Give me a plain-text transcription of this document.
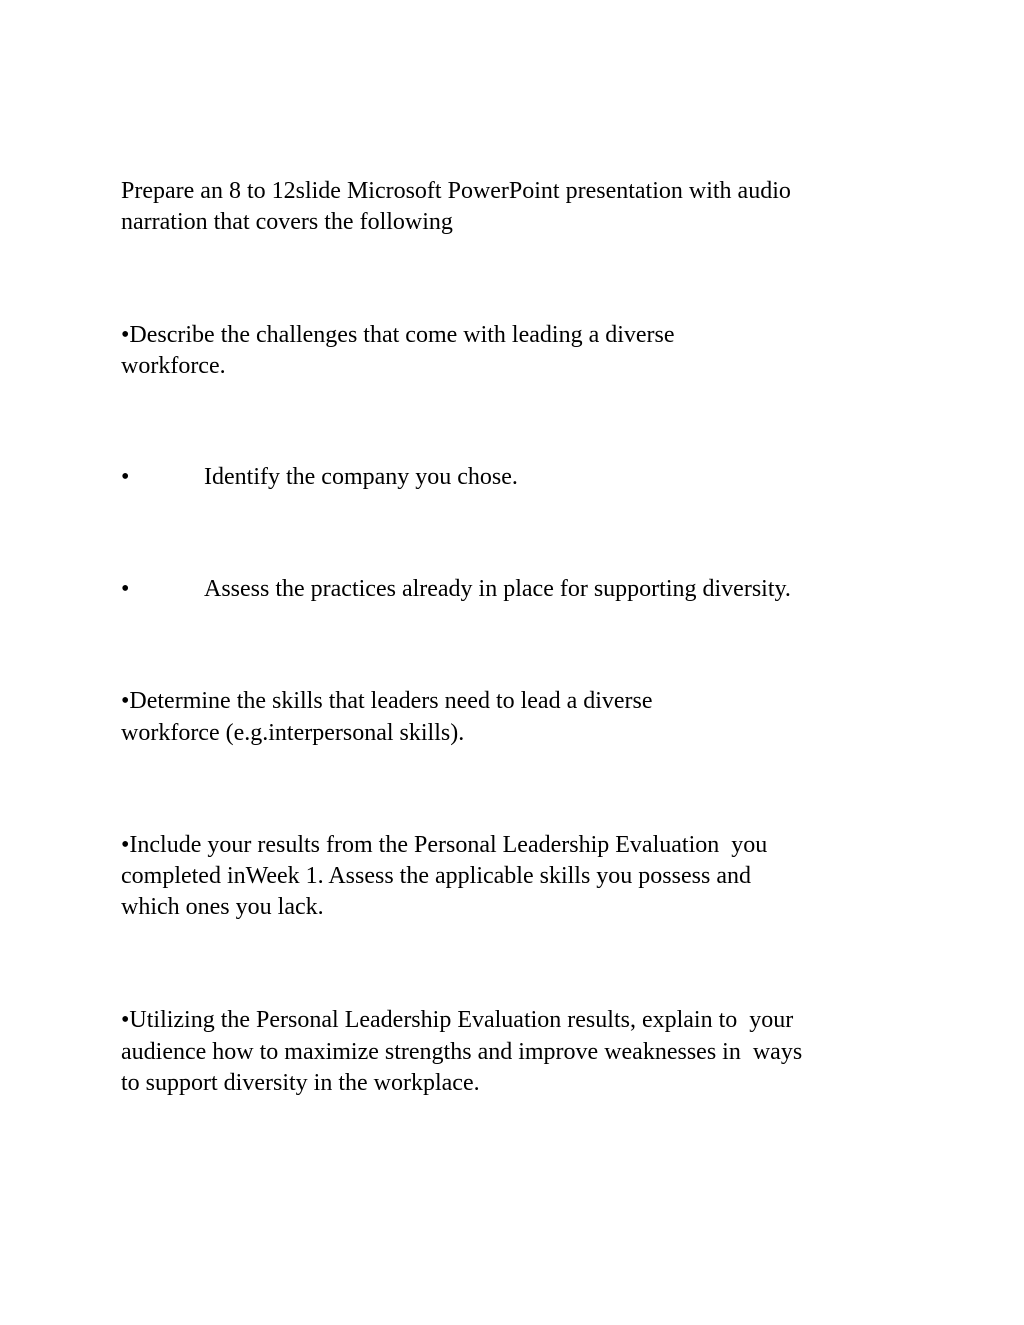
Prepare an 8 to 12slide Microsoft PowerPoint presentation with audio
narration that covers the following
•Describe the challenges that come with leading a diverse
workforce.
•	Identify the company you chose.
•	Assess the practices already in place for supporting diversity.
•Determine the skills that leaders need to lead a diverse
workforce (e.g.interpersonal skills).
•Include your results from the Personal Leadership Evaluation  you
completed inWeek 1. Assess the applicable skills you possess and
which ones you lack.
•Utilizing the Personal Leadership Evaluation results, explain to  your
audience how to maximize strengths and improve weaknesses in  ways
to support diversity in the workplace.
